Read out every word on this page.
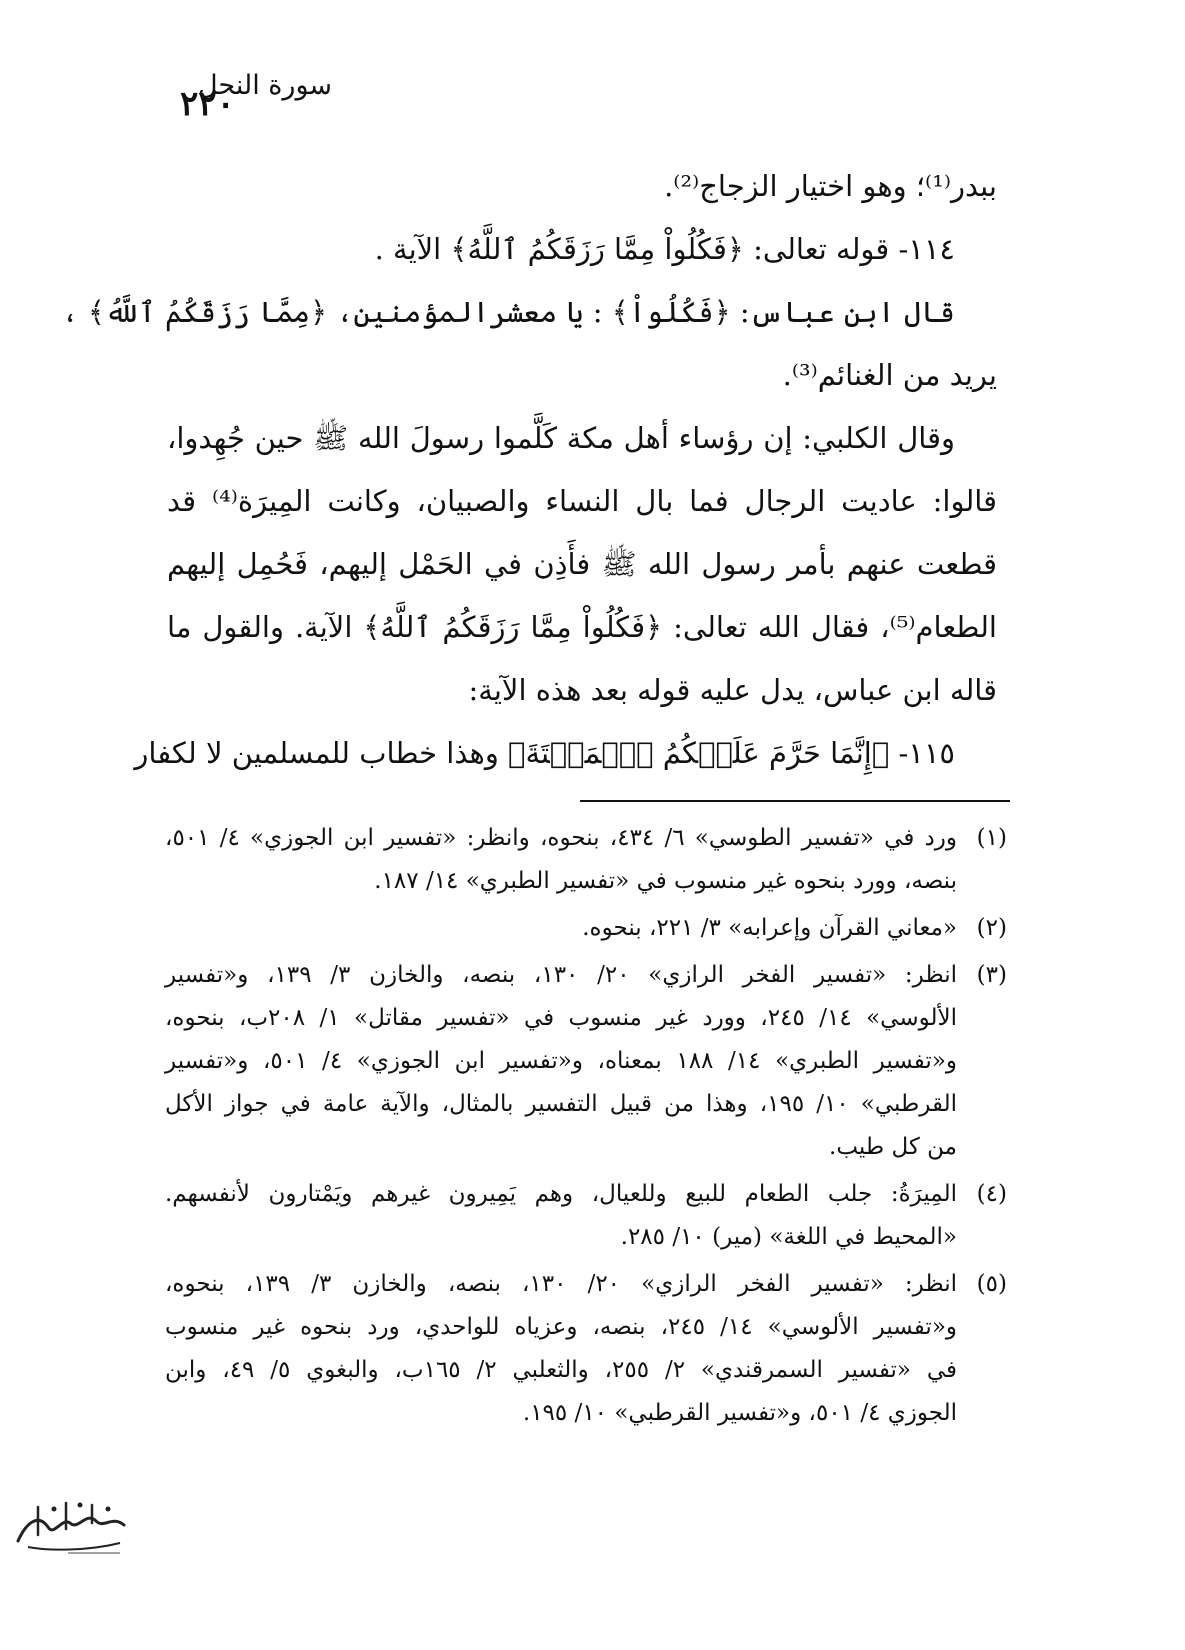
سورة النحل
٢٢٠
ببدر⁽¹⁾؛ وهو اختيار الزجاج⁽²⁾.
١١٤- قوله تعالى: ﴿فَكُلُواْ مِمَّا رَزَقَكُمُ ٱللَّهُ﴾ الآية .
قال ابن عباس: ﴿فَكُلُواْ﴾ : يا معشرالمؤمنين، ﴿مِمَّا رَزَقَكُمُ ٱللَّهُ﴾ ،
يريد من الغنائم⁽³⁾.
وقال الكلبي: إن رؤساء أهل مكة كَلَّموا رسولَ الله ﷺ حين جُهِدوا،
قالوا: عاديت الرجال فما بال النساء والصبيان، وكانت المِيرَة⁽⁴⁾ قد
قطعت عنهم بأمر رسول الله ﷺ فأَذِن في الحَمْل إليهم، فَحُمِل إليهم
الطعام⁽⁵⁾، فقال الله تعالى: ﴿فَكُلُواْ مِمَّا رَزَقَكُمُ ٱللَّهُ﴾ الآية. والقول ما
قاله ابن عباس، يدل عليه قوله بعد هذه الآية:
١١٥- ﴿إِنَّمَا حَرَّمَ عَلَيۡكُمُ ٱلۡمَيۡتَةَ﴾ وهذا خطاب للمسلمين لا لكفار
(١)
ورد في «تفسير الطوسي» ٦/ ٤٣٤، بنحوه، وانظر: «تفسير ابن الجوزي» ٤/ ٥٠١،
بنصه، وورد بنحوه غير منسوب في «تفسير الطبري» ١٤/ ١٨٧.
(٢)
«معاني القرآن وإعرابه» ٣/ ٢٢١، بنحوه.
(٣)
انظر: «تفسير الفخر الرازي» ٢٠/ ١٣٠، بنصه، والخازن ٣/ ١٣٩، و«تفسير
الألوسي» ١٤/ ٢٤٥، وورد غير منسوب في «تفسير مقاتل» ١/ ٢٠٨ب، بنحوه،
و«تفسير الطبري» ١٤/ ١٨٨ بمعناه، و«تفسير ابن الجوزي» ٤/ ٥٠١، و«تفسير
القرطبي» ١٠/ ١٩٥، وهذا من قبيل التفسير بالمثال، والآية عامة في جواز الأكل
من كل طيب.
(٤)
المِيرَةُ: جلب الطعام للبيع وللعيال، وهم يَمِيرون غيرهم ويَمْتارون لأنفسهم.
«المحيط في اللغة» (مير) ١٠/ ٢٨٥.
(٥)
انظر: «تفسير الفخر الرازي» ٢٠/ ١٣٠، بنصه، والخازن ٣/ ١٣٩، بنحوه،
و«تفسير الألوسي» ١٤/ ٢٤٥، بنصه، وعزياه للواحدي، ورد بنحوه غير منسوب
في «تفسير السمرقندي» ٢/ ٢٥٥، والثعلبي ٢/ ١٦٥ب، والبغوي ٥/ ٤٩، وابن
الجوزي ٤/ ٥٠١، و«تفسير القرطبي» ١٠/ ١٩٥.
